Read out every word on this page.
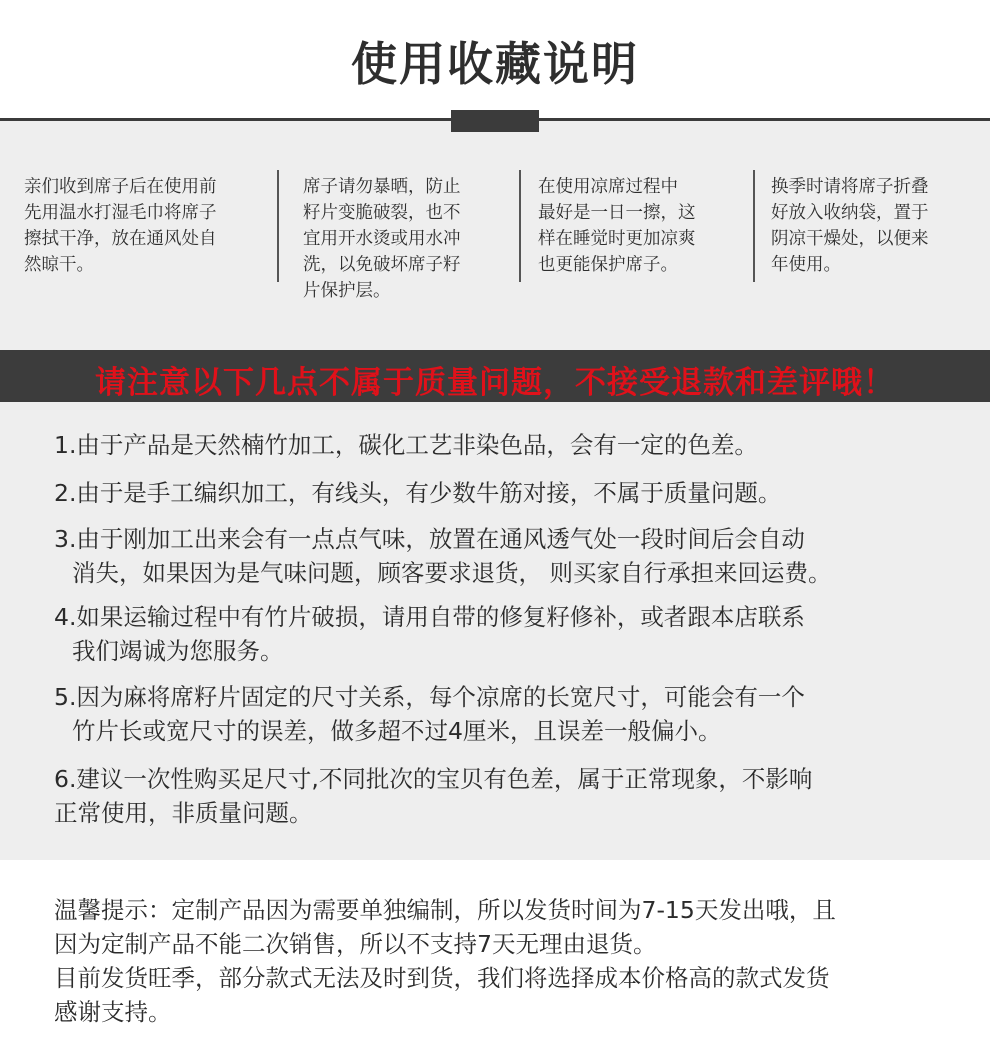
使用收藏说明
亲们收到席子后在使用前
先用温水打湿毛巾将席子
擦拭干净，放在通风处自
然晾干。
席子请勿暴晒，防止
籽片变脆破裂，也不
宜用开水烫或用水冲
洗，以免破坏席子籽
片保护层。
在使用凉席过程中
最好是一日一擦，这
样在睡觉时更加凉爽
也更能保护席子。
换季时请将席子折叠
好放入收纳袋，置于
阴凉干燥处，以便来
年使用。
请注意以下几点不属于质量问题，不接受退款和差评哦！
1.由于产品是天然楠竹加工，碳化工艺非染色品，会有一定的色差。
2.由于是手工编织加工，有线头，有少数牛筋对接，不属于质量问题。
3.由于刚加工出来会有一点点气味，放置在通风透气处一段时间后会自动
消失，如果因为是气味问题，顾客要求退货， 则买家自行承担来回运费。
4.如果运输过程中有竹片破损，请用自带的修复籽修补，或者跟本店联系
我们竭诚为您服务。
5.因为麻将席籽片固定的尺寸关系，每个凉席的长宽尺寸，可能会有一个
竹片长或宽尺寸的误差，做多超不过4厘米，且误差一般偏小。
6.建议一次性购买足尺寸,不同批次的宝贝有色差，属于正常现象，不影响
正常使用，非质量问题。
温馨提示：定制产品因为需要单独编制，所以发货时间为7-15天发出哦，且
因为定制产品不能二次销售，所以不支持7天无理由退货。
目前发货旺季，部分款式无法及时到货，我们将选择成本价格高的款式发货
感谢支持。
